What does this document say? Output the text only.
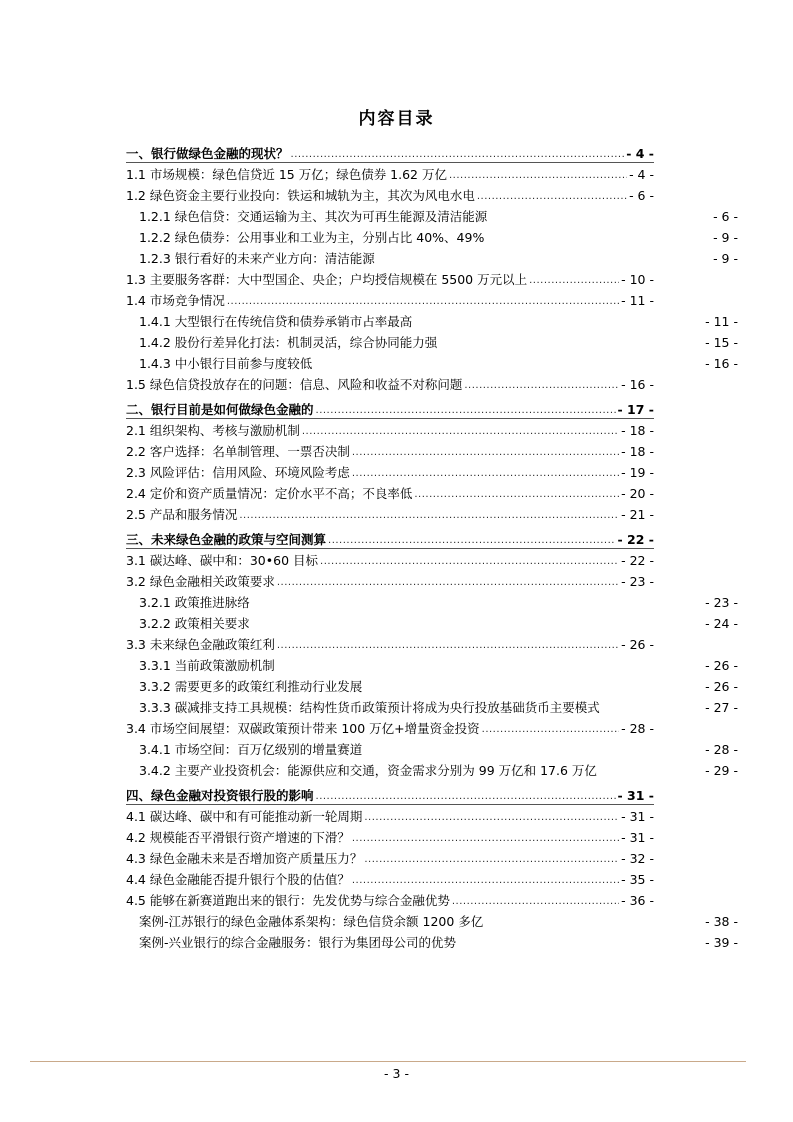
内容目录
一、银行做绿色金融的现状？ .....	- 4 -
1.1 市场规模：绿色信贷近 15 万亿；绿色债券 1.62 万亿 .....	- 4 -
1.2 绿色资金主要行业投向：铁运和城轨为主，其次为风电水电 .....	- 6 -
1.2.1 绿色信贷：交通运输为主、其次为可再生能源及清洁能源	- 6 -
1.2.2 绿色债券：公用事业和工业为主，分别占比 40%、49%	- 9 -
1.2.3 银行看好的未来产业方向：清洁能源	- 9 -
1.3 主要服务客群：大中型国企、央企；户均授信规模在 5500 万元以上 .....	- 10 -
1.4 市场竞争情况 .....	- 11 -
1.4.1 大型银行在传统信贷和债券承销市占率最高	- 11 -
1.4.2 股份行差异化打法：机制灵活，综合协同能力强	- 15 -
1.4.3 中小银行目前参与度较低	- 16 -
1.5 绿色信贷投放存在的问题：信息、风险和收益不对称问题 .....	- 16 -
二、银行目前是如何做绿色金融的 .....	- 17 -
2.1 组织架构、考核与激励机制 .....	- 18 -
2.2 客户选择：名单制管理、一票否决制 .....	- 18 -
2.3 风险评估：信用风险、环境风险考虑 .....	- 19 -
2.4 定价和资产质量情况：定价水平不高；不良率低 .....	- 20 -
2.5 产品和服务情况 .....	- 21 -
三、未来绿色金融的政策与空间测算 .....	- 22 -
3.1 碳达峰、碳中和：30•60 目标 .....	- 22 -
3.2 绿色金融相关政策要求 .....	- 23 -
3.2.1 政策推进脉络	- 23 -
3.2.2 政策相关要求	- 24 -
3.3 未来绿色金融政策红利 .....	- 26 -
3.3.1 当前政策激励机制	- 26 -
3.3.2 需要更多的政策红利推动行业发展	- 26 -
3.3.3 碳减排支持工具规模：结构性货币政策预计将成为央行投放基础货币主要模式	- 27 -
3.4 市场空间展望：双碳政策预计带来 100 万亿+增量资金投资 .....	- 28 -
3.4.1 市场空间：百万亿级别的增量赛道	- 28 -
3.4.2 主要产业投资机会：能源供应和交通，资金需求分别为 99 万亿和 17.6 万亿	- 29 -
四、绿色金融对投资银行股的影响 .....	- 31 -
4.1 碳达峰、碳中和有可能推动新一轮周期 .....	- 31 -
4.2 规模能否平滑银行资产增速的下滑？ .....	- 31 -
4.3 绿色金融未来是否增加资产质量压力？ .....	- 32 -
4.4 绿色金融能否提升银行个股的估值？ .....	- 35 -
4.5 能够在新赛道跑出来的银行：先发优势与综合金融优势 .....	- 36 -
案例-江苏银行的绿色金融体系架构：绿色信贷余额 1200 多亿	- 38 -
案例-兴业银行的综合金融服务：银行为集团母公司的优势	- 39 -
- 3 -
